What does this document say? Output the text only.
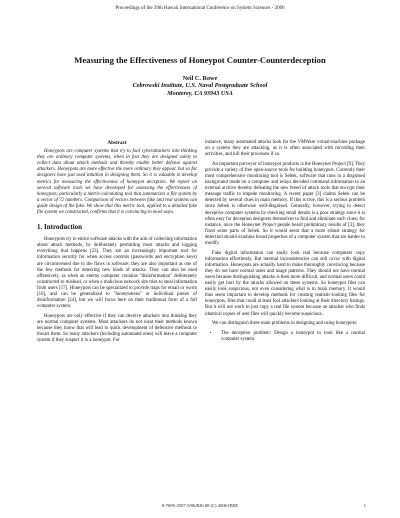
Proceedings of the 39th Hawaii International Conference on System Sciences - 2006
Measuring the Effectiveness of Honeypot Counter-Counterdeception
Neil C. Rowe
Cebrowski Institute, U.S. Naval Postgraduate School
Monterey, CA 93943 USA
Abstract

Honeypots are computer systems that try to fool cyberattackers into thinking they are ordinary computer systems, when in fact they are designed solely to collect data about attack methods and thereby enable better defense against attackers. Honeypots are more effective the more ordinary they appear, but so far designers have just used intuition in designing them. So it is valuable to develop metrics for measuring the effectiveness of honeypot deception. We report on several software tools we have developed for assessing the effectiveness of honeypots, particularly a metric-calculating tool that summarizes a file system by a vector of 72 numbers. Comparison of vectors between fake and real systems can guide design of the fake. We show that this metric tool, applied to a detailed fake file system we constructed, confirms that it is convincing in most ways.

1. Introduction

Honeypots try to entice software attacks with the aim of collecting information about attack methods, by deliberately permitting most attacks and logging everything that happens [23]. They are an increasingly important tool for information security for when access controls (passwords and encryption keys) are circumvented due to the flaws in software; they are also important as one of the few methods for detecting new kinds of attacks. They can also be used offensively, as when an enemy computer contains "disinformation" deliberately constructed to mislead, or when a malicious network site tries to steal information from users [17]. Honeypots can be specialized to provide traps for email or worm [16], and can be generalized to "honeytokens" or individual pieces of disinformation [24], but we will focus here on their traditional form of a full computer system.

Honeypots are only effective if they can deceive attackers into thinking they are normal computer systems. Most attackers do not want their methods known because they know that will lead to quick development of defensive methods to thwart them. So many attackers (including automated ones) will leave a computer system if they suspect it is a honeypot. For

instance, many automated attacks look for the VMWare virtual-machine package on a system they are attacking, as it is often associated with recording their activities, and kill their processes if so.

An important purveyor of honeypot products is the Honeynet Project [9]. They provide a variety of free open-source tools for building honeypots. Currently their most comprehensive monitoring tool is Sebek, software that runs in a disguised background mode on a computer and relays decoded command information to an external archive thereby defeating the new breed of attack tools that encrypt their message traffic to impede monitoring. A recent paper [3] claims Sebek can be detected by several clues in main memory. If this is true, this is a serious problem since Sebek is otherwise well-disguised. Generally, however, trying to detect deceptive computer systems by checking small details is a poor strategy since it is often easy for deception designers themselves to find and eliminate such clues; for instance, once the Honeynet Project people heard preliminary results of [3], they fixed some parts of Sebek. So it would seem that a more robust strategy for detection should examine broad properties of a computer system that are harder to modify.

Fake digital information can easily look real because computers copy information effortlessly. But internal inconsistencies can still occur with digital information. Honeypots are actually hard to make thoroughly convincing because they do not have normal users and usage patterns. They should not have normal users because distinguishing attacks is then more difficult, and normal users could easily get hurt by the attacks allowed on these systems. So honeypot files can easily look suspicious, not even considering what is in main memory. It would thus seem important to develop methods for creating realistic-looking files for honeypots, files that could at least fool attackers looking at their directory listings. But it will not work to just copy a real file system because an attacker who finds identical copies of user files will quickly become suspicious.

We can distinguish three main problems in designing and using honeypots:

• The deception problem: Design a honeypot to look like a normal computer system.
0-7695-2507-5/06/$20.00 (C) 2006 IEEE	1
